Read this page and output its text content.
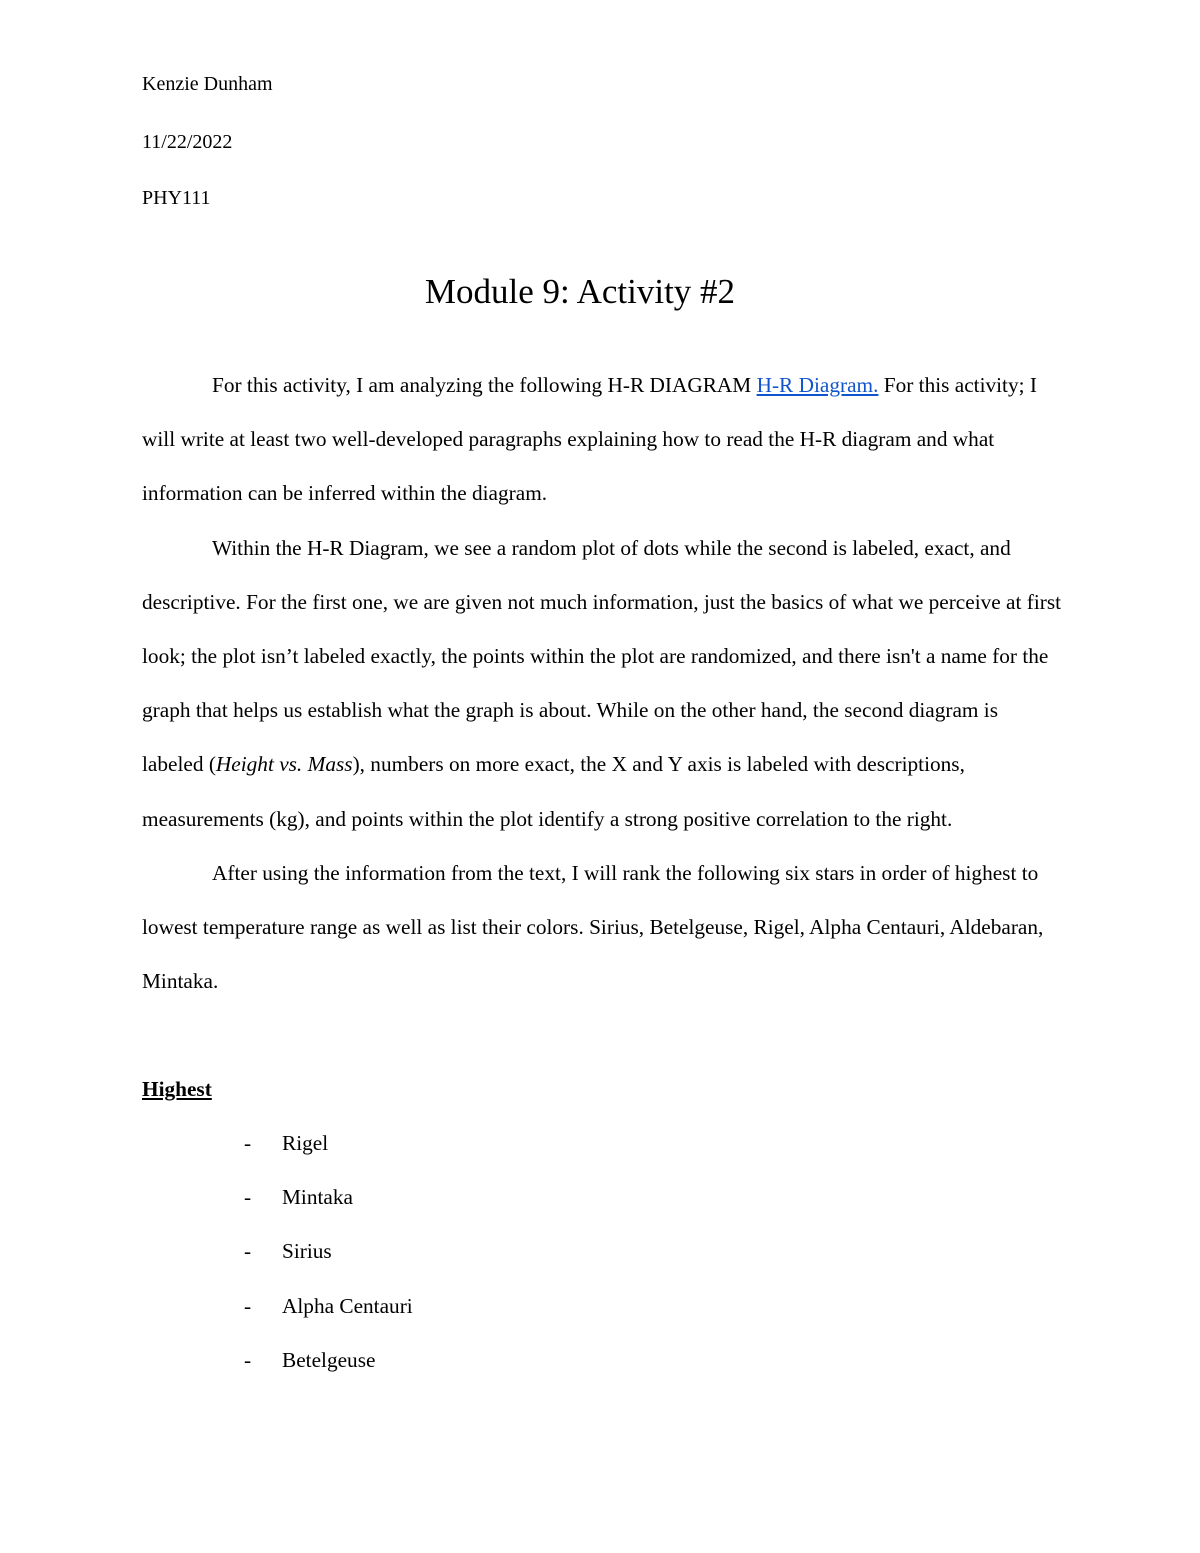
Kenzie Dunham
11/22/2022
PHY111
Module 9: Activity #2

For this activity, I am analyzing the following H-R DIAGRAM H-R Diagram. For this activity; I will write at least two well-developed paragraphs explaining how to read the H-R diagram and what information can be inferred within the diagram.

Within the H-R Diagram, we see a random plot of dots while the second is labeled, exact, and descriptive. For the first one, we are given not much information, just the basics of what we perceive at first look; the plot isn’t labeled exactly, the points within the plot are randomized, and there isn't a name for the graph that helps us establish what the graph is about. While on the other hand, the second diagram is labeled (Height vs. Mass), numbers on more exact, the X and Y axis is labeled with descriptions, measurements (kg), and points within the plot identify a strong positive correlation to the right.

After using the information from the text, I will rank the following six stars in order of highest to lowest temperature range as well as list their colors. Sirius, Betelgeuse, Rigel, Alpha Centauri, Aldebaran, Mintaka.

Highest
-	Rigel
-	Mintaka
-	Sirius
-	Alpha Centauri
-	Betelgeuse
